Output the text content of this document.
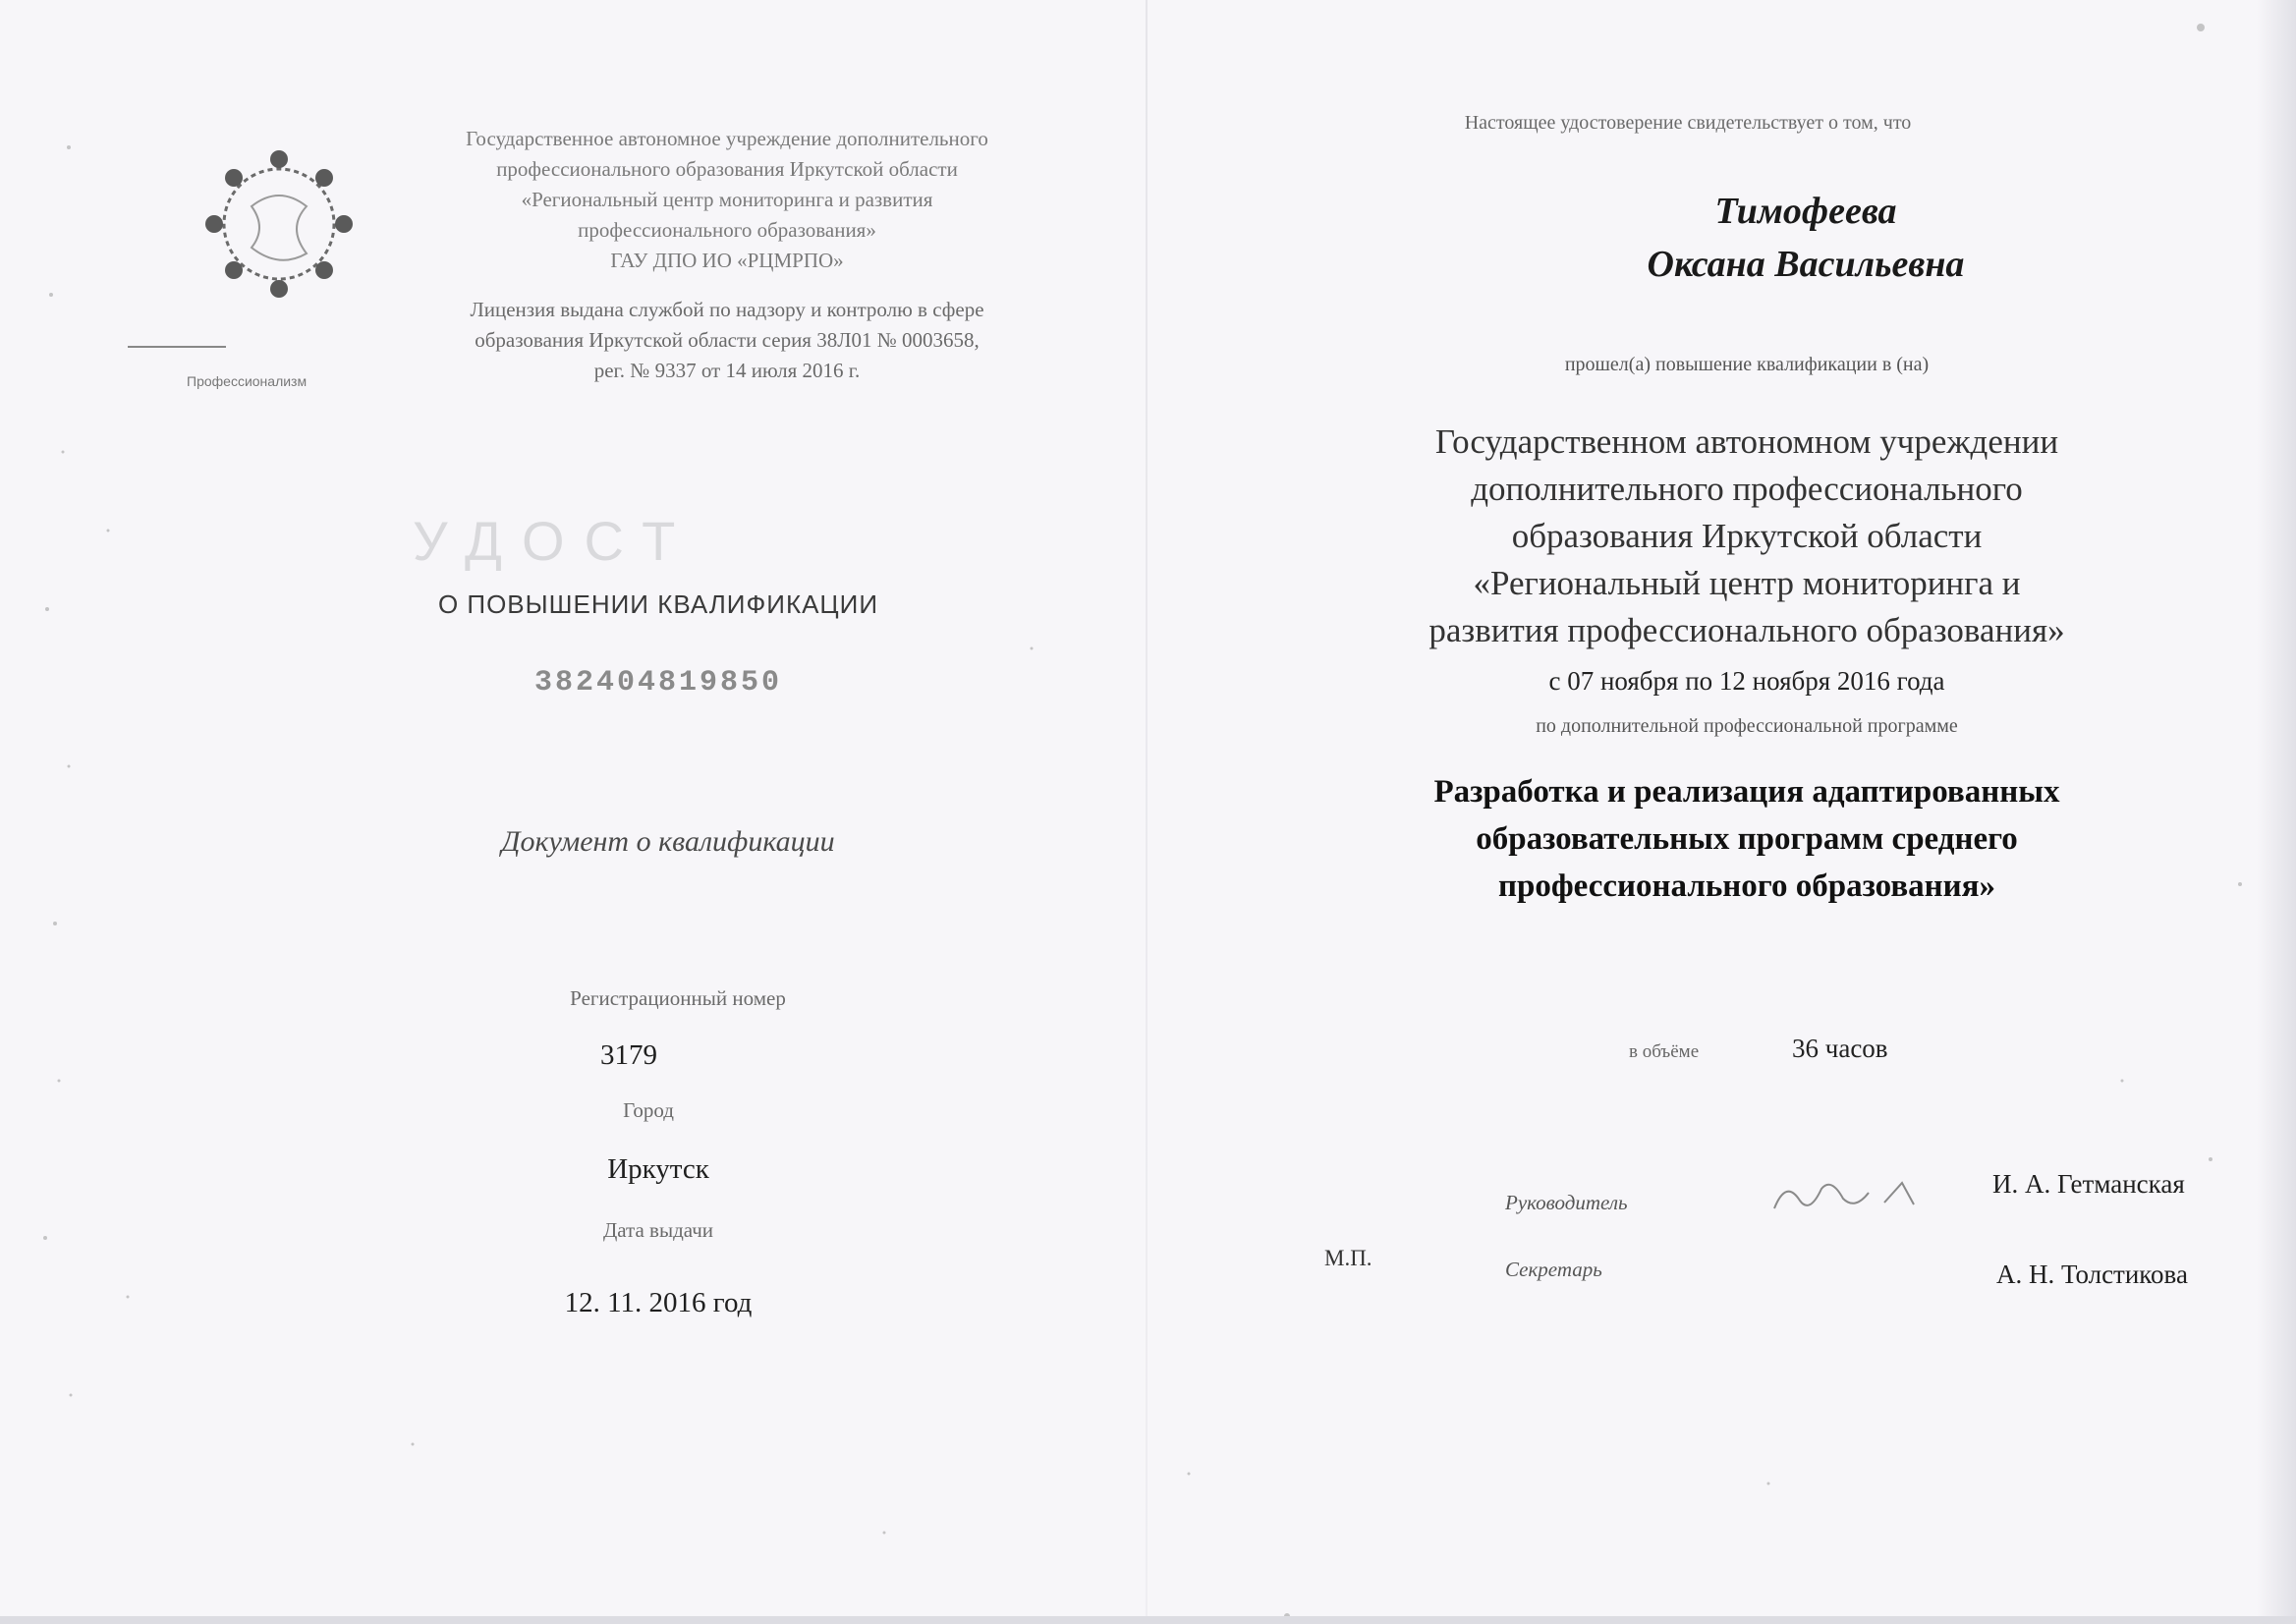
Профессионализм
Государственное автономное учреждение дополнительного
профессионального образования Иркутской области
«Региональный центр мониторинга и развития
профессионального образования»
ГАУ ДПО ИО «РЦМРПО»
Лицензия выдана службой по надзору и контролю в сфере
образования Иркутской области серия 38Л01 № 0003658,
рег. № 9337 от 14 июля 2016 г.
УДОСТ
О ПОВЫШЕНИИ КВАЛИФИКАЦИИ
382404819850
Документ о квалификации
Регистрационный номер
3179
Город
Иркутск
Дата выдачи
12. 11. 2016 год
Настоящее удостоверение свидетельствует о том, что
Тимофеева
Оксана Васильевна
прошел(а) повышение квалификации в (на)
Государственном автономном учреждении
дополнительного профессионального
образования Иркутской области
«Региональный центр мониторинга и
развития профессионального образования»
с 07 ноября по 12 ноября 2016 года
по дополнительной профессиональной программе
Разработка и реализация адаптированных
образовательных программ среднего
профессионального образования»
в объёме	36 часов
Руководитель
И. А. Гетманская
М.П.	Секретарь	А. Н. Толстикова
